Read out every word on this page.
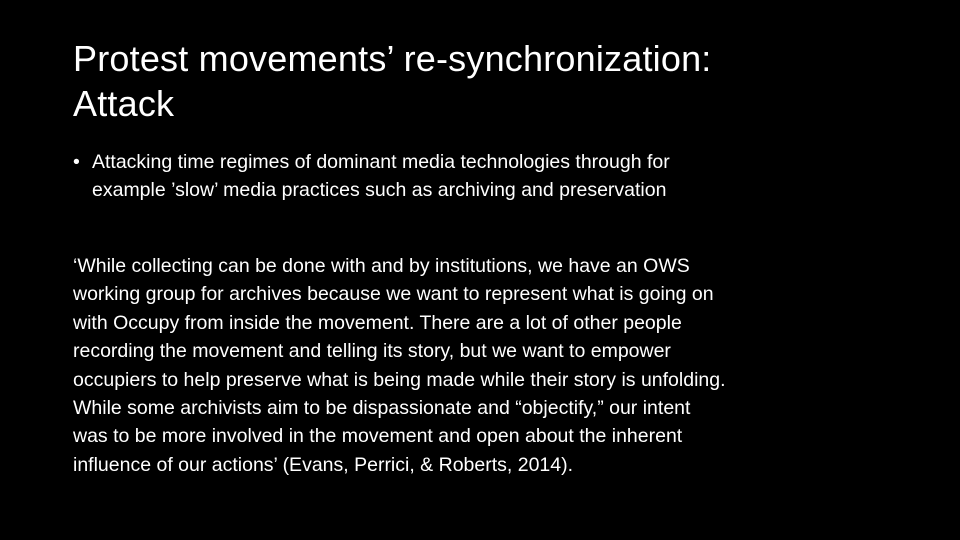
Protest movements’ re-synchronization:
Attack
• Attacking time regimes of dominant media technologies through for
example ’slow’ media practices such as archiving and preservation

‘While collecting can be done with and by institutions, we have an OWS
working group for archives because we want to represent what is going on
with Occupy from inside the movement. There are a lot of other people
recording the movement and telling its story, but we want to empower
occupiers to help preserve what is being made while their story is unfolding.
While some archivists aim to be dispassionate and “objectify,” our intent
was to be more involved in the movement and open about the inherent
influence of our actions’ (Evans, Perrici, & Roberts, 2014).
